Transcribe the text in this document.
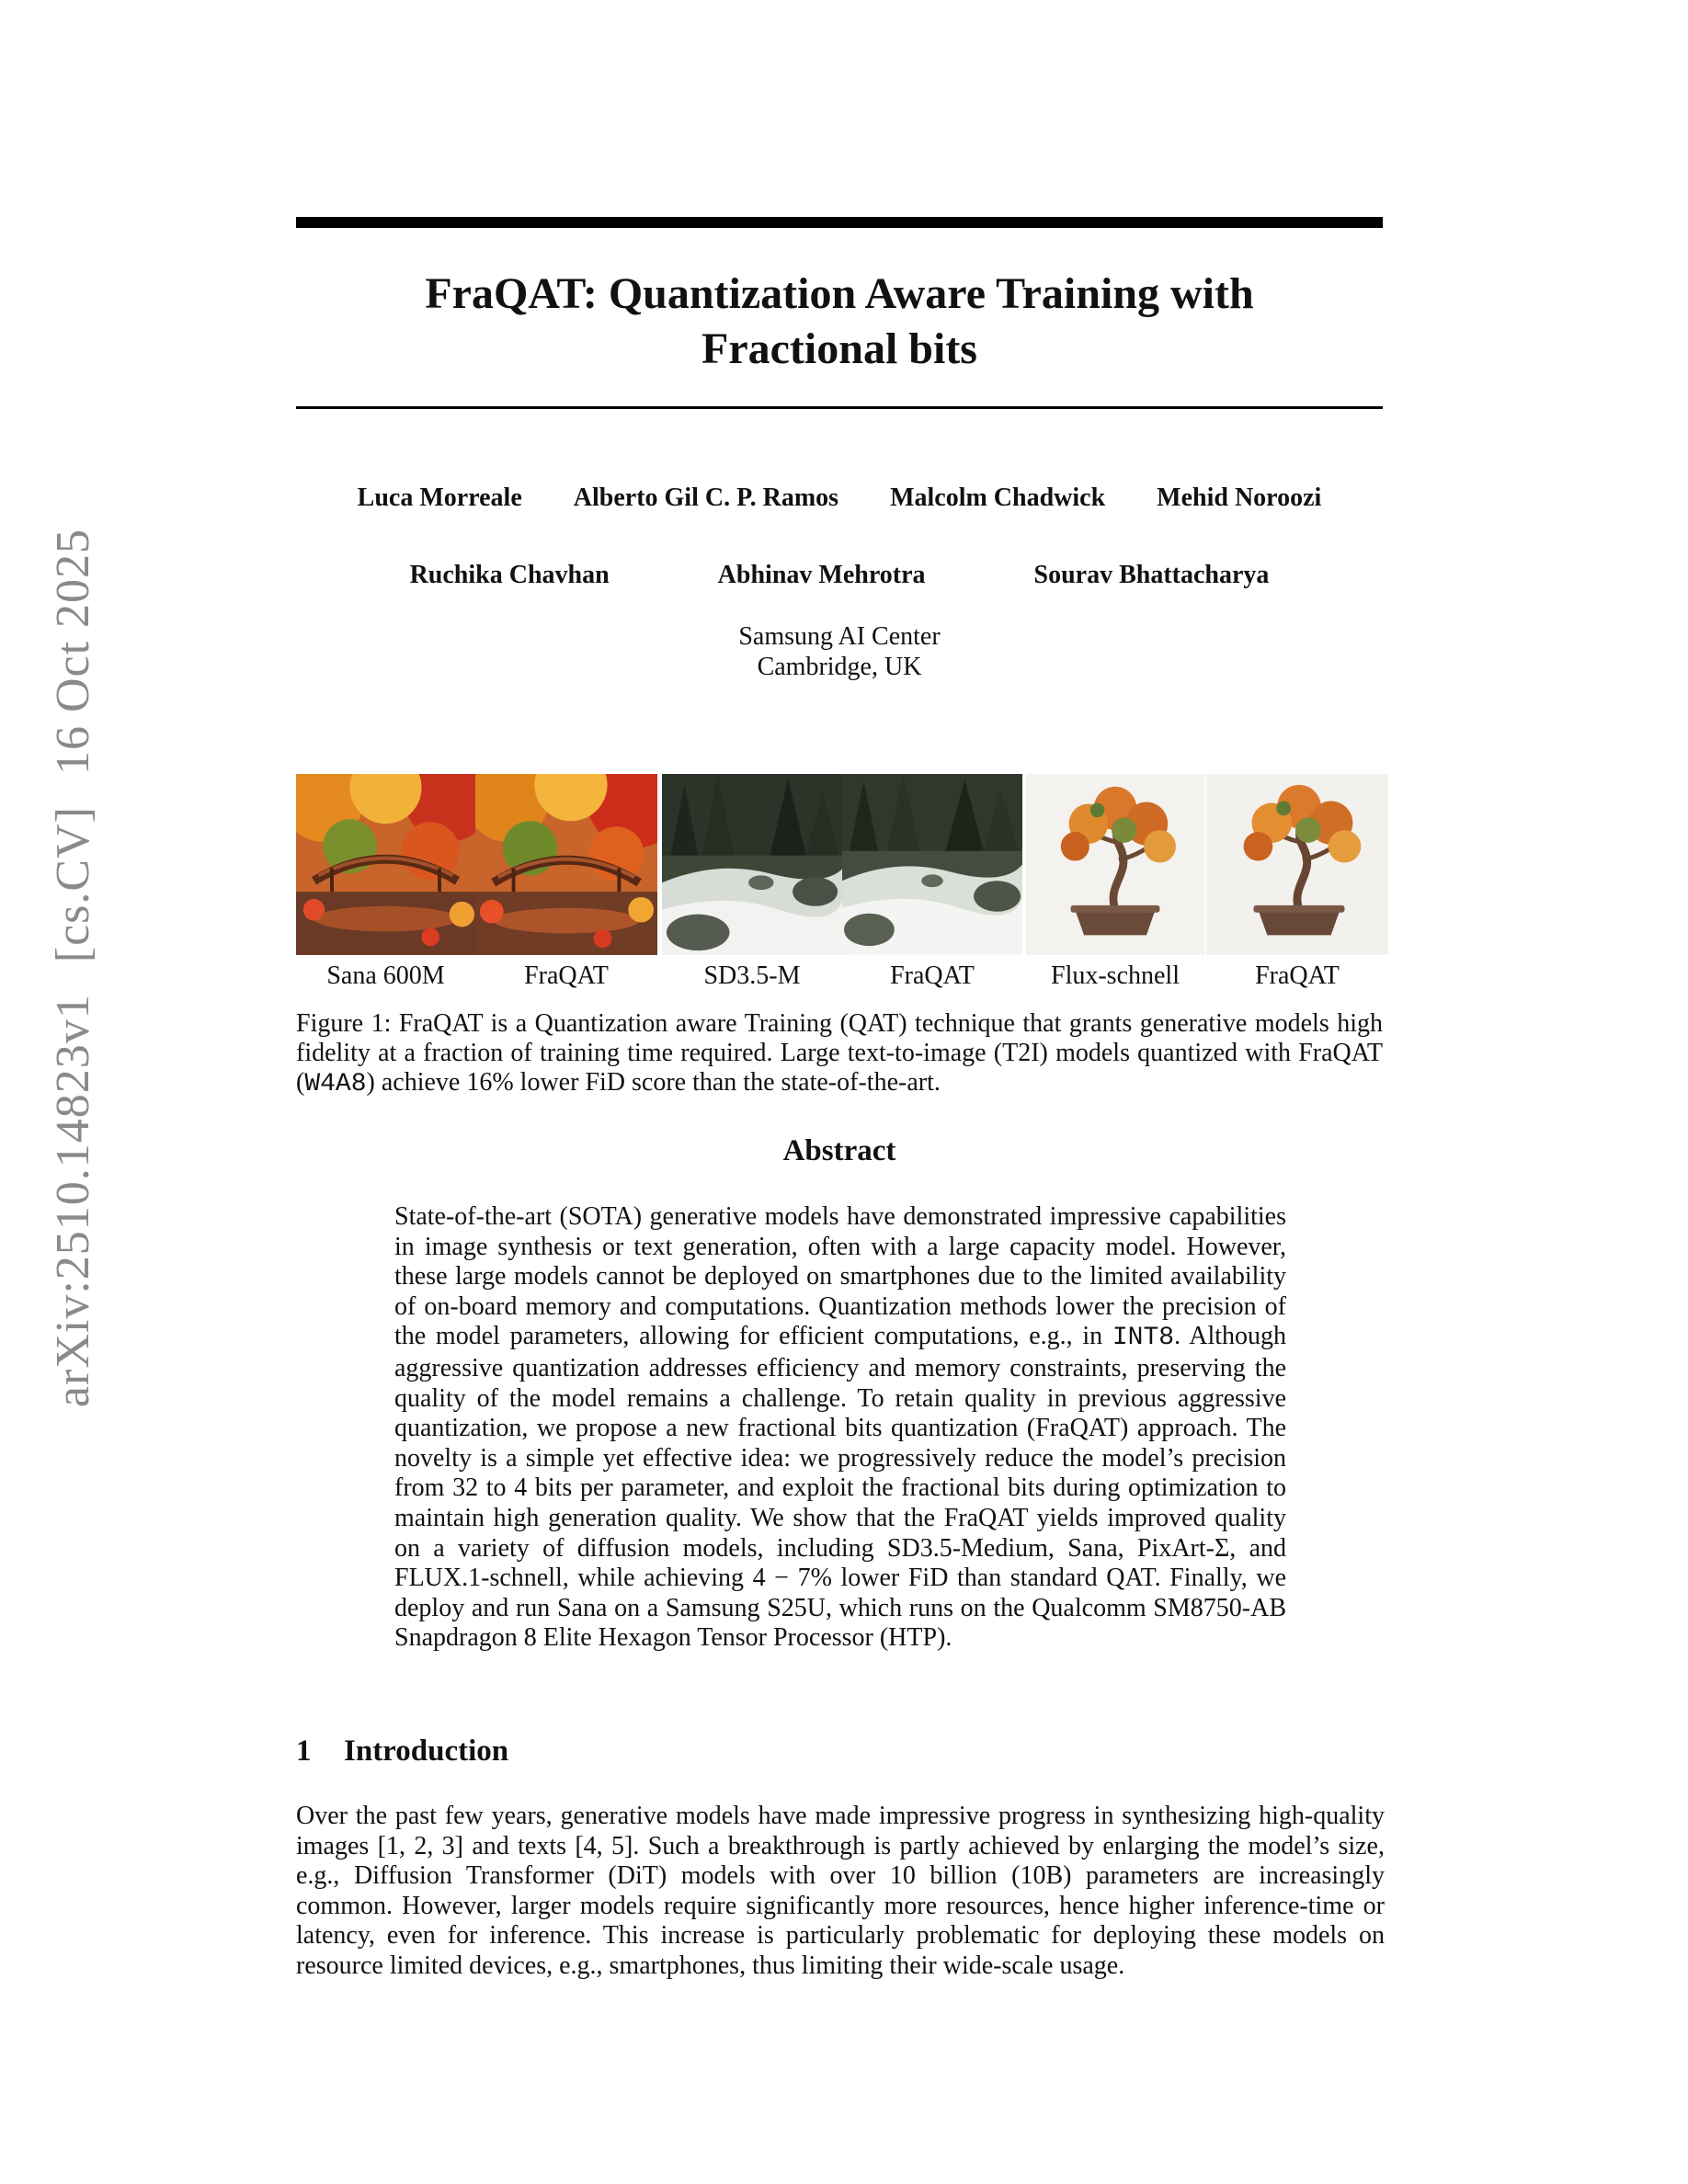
arXiv:2510.14823v1 [cs.CV] 16 Oct 2025
FraQAT: Quantization Aware Training with
Fractional bits
Luca Morreale Alberto Gil C. P. Ramos Malcolm Chadwick Mehid Noroozi
Ruchika Chavhan	Abhinav Mehrotra	Sourav Bhattacharya
Samsung AI Center
Cambridge, UK
Sana 600M	FraQAT	SD3.5-M	FraQAT	Flux-schnell	FraQAT
Figure 1: FraQAT is a Quantization aware Training (QAT) technique that grants generative models high fidelity at a fraction of training time required. Large text-to-image (T2I) models quantized with FraQAT (W4A8) achieve 16% lower FiD score than the state-of-the-art.
Abstract
State-of-the-art (SOTA) generative models have demonstrated impressive capabilities in image synthesis or text generation, often with a large capacity model. However, these large models cannot be deployed on smartphones due to the limited availability of on-board memory and computations. Quantization methods lower the precision of the model parameters, allowing for efficient computations, e.g., in INT8. Although aggressive quantization addresses efficiency and memory constraints, preserving the quality of the model remains a challenge. To retain quality in previous aggressive quantization, we propose a new fractional bits quantization (FraQAT) approach. The novelty is a simple yet effective idea: we progressively reduce the model’s precision from 32 to 4 bits per parameter, and exploit the fractional bits during optimization to maintain high generation quality. We show that the FraQAT yields improved quality on a variety of diffusion models, including SD3.5-Medium, Sana, PixArt-Σ, and FLUX.1-schnell, while achieving 4 − 7% lower FiD than standard QAT. Finally, we deploy and run Sana on a Samsung S25U, which runs on the Qualcomm SM8750-AB Snapdragon 8 Elite Hexagon Tensor Processor (HTP).
1 Introduction
Over the past few years, generative models have made impressive progress in synthesizing high-quality images [1, 2, 3] and texts [4, 5]. Such a breakthrough is partly achieved by enlarging the model’s size, e.g., Diffusion Transformer (DiT) models with over 10 billion (10B) parameters are increasingly common. However, larger models require significantly more resources, hence higher inference-time or latency, even for inference. This increase is particularly problematic for deploying these models on resource limited devices, e.g., smartphones, thus limiting their wide-scale usage.
